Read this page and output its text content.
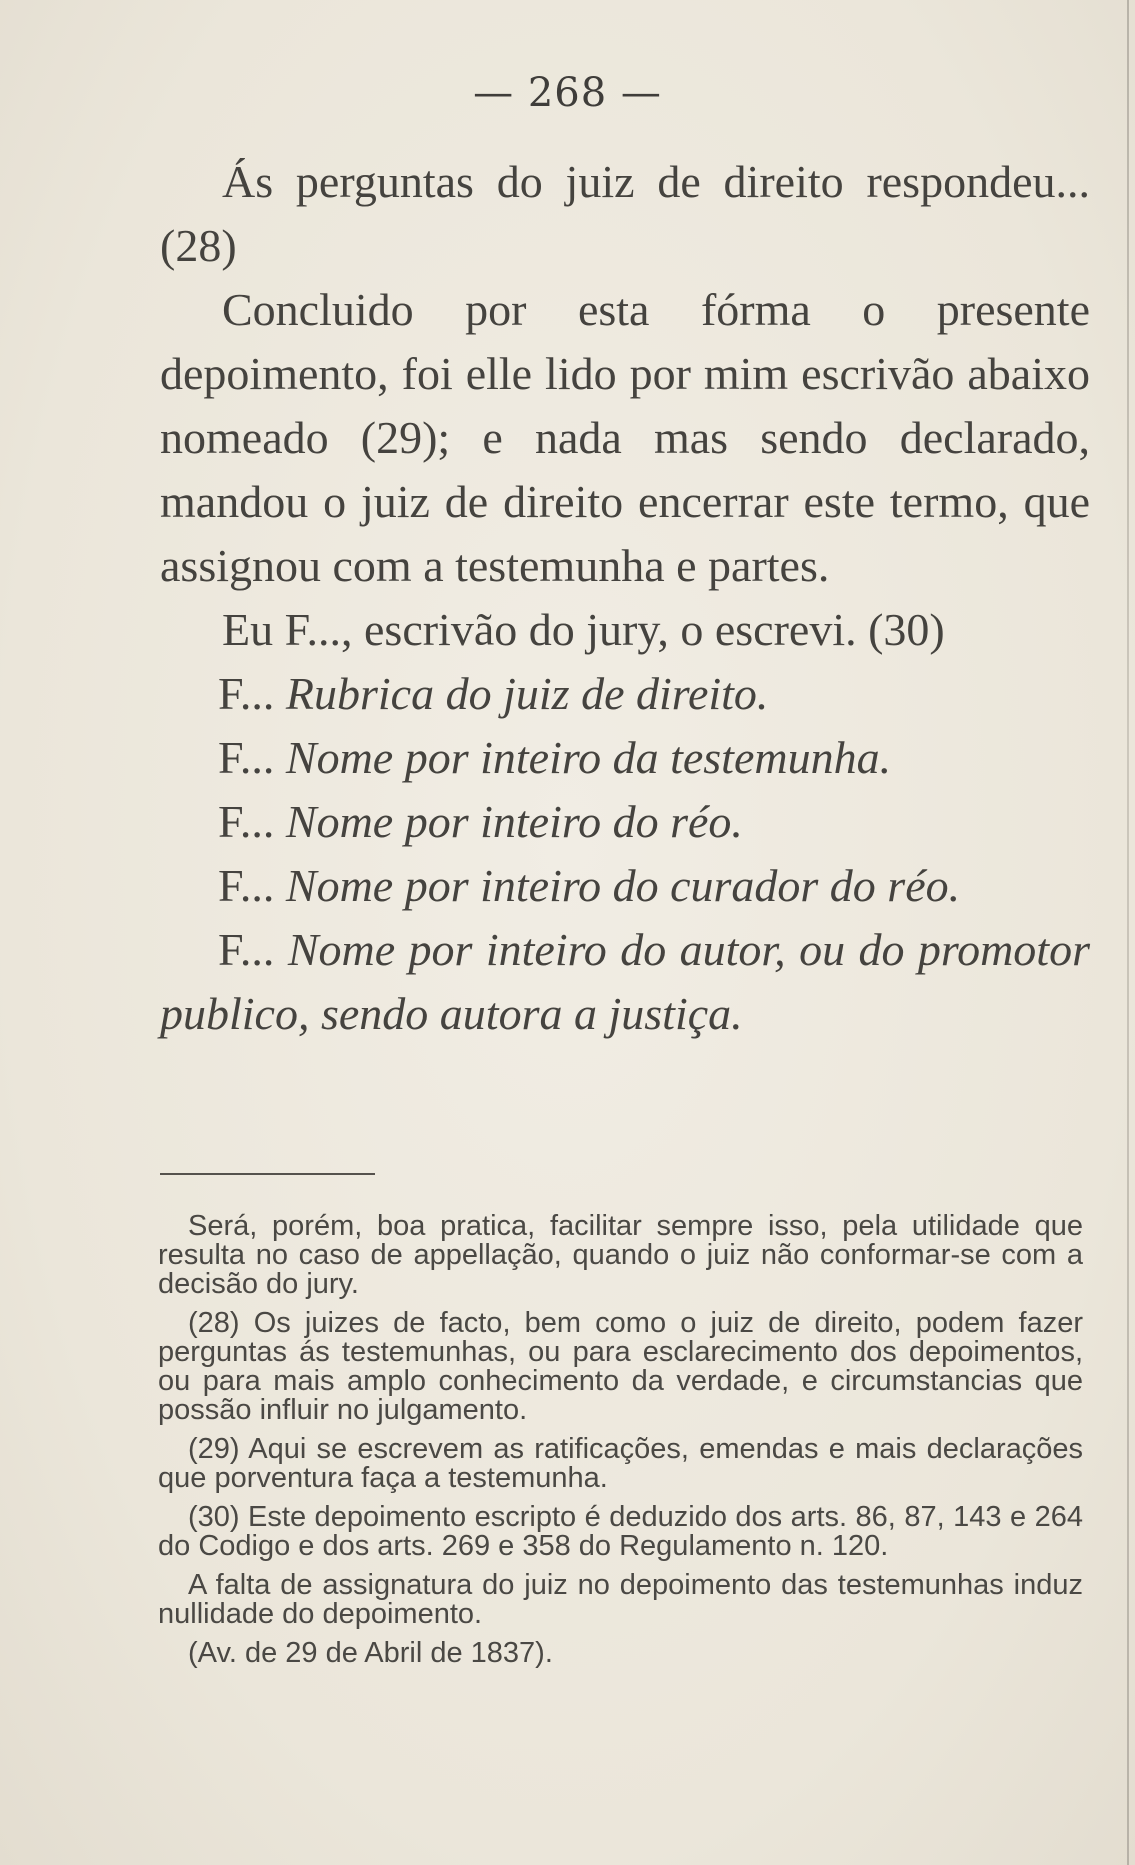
— 268 —

Ás perguntas do juiz de direito respondeu... (28)

Concluido por esta fórma o presente depoimento, foi elle lido por mim escrivão abaixo nomeado (29); e nada mas sendo declarado, mandou o juiz de direito encerrar este termo, que assignou com a testemunha e partes.

Eu F..., escrivão do jury, o escrevi. (30)

F... Rubrica do juiz de direito.

F... Nome por inteiro da testemunha.

F... Nome por inteiro do réo.

F... Nome por inteiro do curador do réo.

F... Nome por inteiro do autor, ou do promotor publico, sendo autora a justiça.

Será, porém, boa pratica, facilitar sempre isso, pela utilidade que resulta no caso de appellação, quando o juiz não conformar-se com a decisão do jury.

(28) Os juizes de facto, bem como o juiz de direito, podem fazer perguntas ás testemunhas, ou para esclarecimento dos depoimentos, ou para mais amplo conhecimento da verdade, e circumstancias que possão influir no julgamento.

(29) Aqui se escrevem as ratificações, emendas e mais declarações que porventura faça a testemunha.

(30) Este depoimento escripto é deduzido dos arts. 86, 87, 143 e 264 do Codigo e dos arts. 269 e 358 do Regulamento n. 120.

A falta de assignatura do juiz no depoimento das testemunhas induz nullidade do depoimento.

(Av. de 29 de Abril de 1837).
